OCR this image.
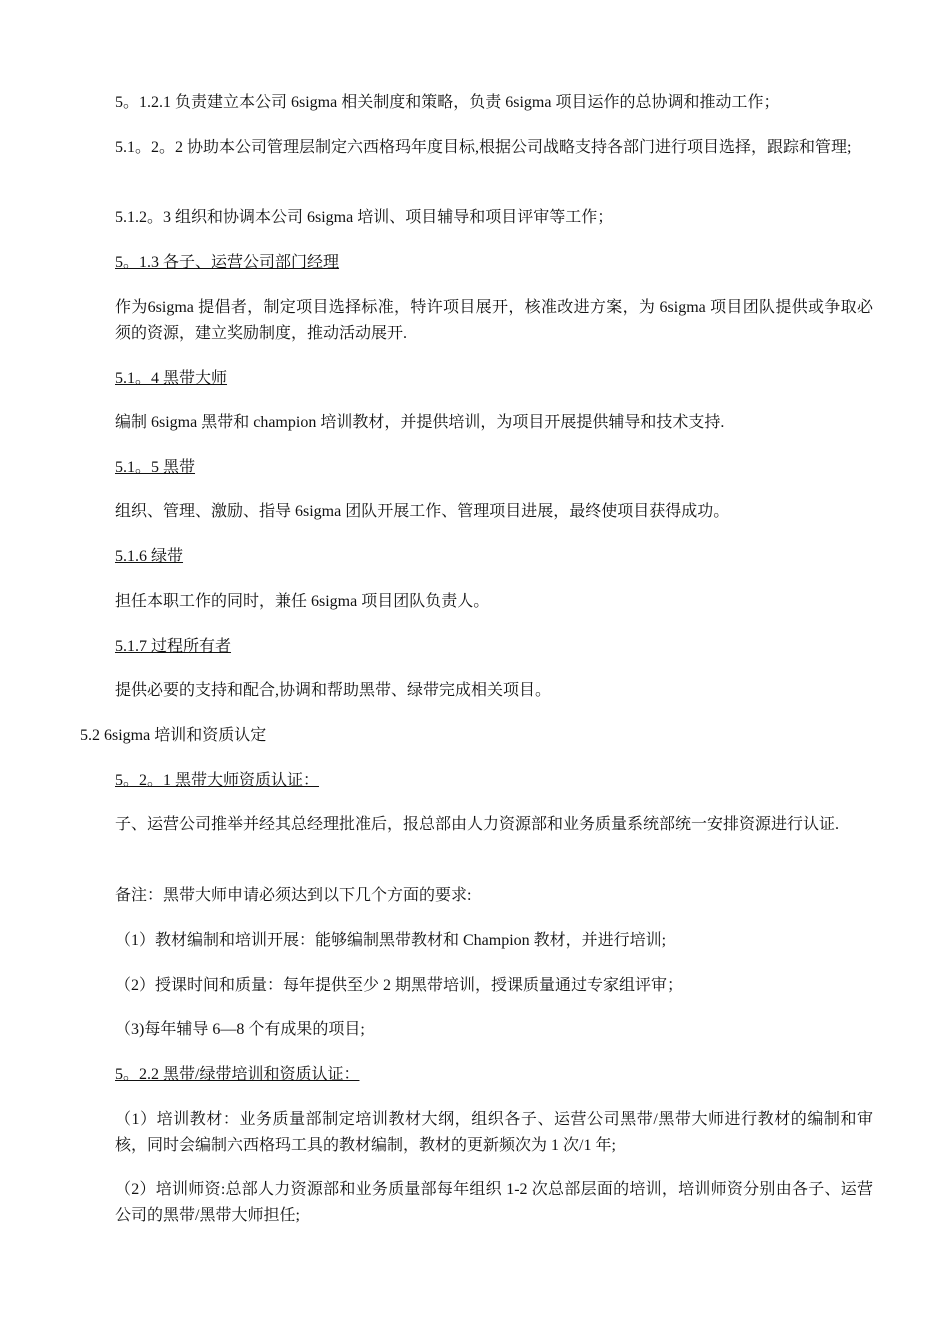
5。1.2.1 负责建立本公司 6sigma 相关制度和策略，负责 6sigma 项目运作的总协调和推动工作；

5.1。2。2 协助本公司管理层制定六西格玛年度目标,根据公司战略支持各部门进行项目选择，跟踪和管理;

5.1.2。3 组织和协调本公司 6sigma 培训、项目辅导和项目评审等工作；

5。1.3 各子、运营公司部门经理

作为6sigma 提倡者，制定项目选择标准，特许项目展开，核准改进方案，为 6sigma 项目团队提供或争取必须的资源，建立奖励制度，推动活动展开.

5.1。4 黑带大师

编制 6sigma 黑带和 champion 培训教材，并提供培训，为项目开展提供辅导和技术支持.

5.1。5 黑带

组织、管理、激励、指导 6sigma 团队开展工作、管理项目进展，最终使项目获得成功。

5.1.6 绿带

担任本职工作的同时，兼任 6sigma 项目团队负责人。

5.1.7 过程所有者

提供必要的支持和配合,协调和帮助黑带、绿带完成相关项目。

5.2 6sigma 培训和资质认定

5。2。1 黑带大师资质认证：

子、运营公司推举并经其总经理批准后，报总部由人力资源部和业务质量系统部统一安排资源进行认证.

备注：黑带大师申请必须达到以下几个方面的要求:

（1）教材编制和培训开展：能够编制黑带教材和 Champion 教材，并进行培训;

（2）授课时间和质量：每年提供至少 2 期黑带培训，授课质量通过专家组评审；

（3)每年辅导 6—8 个有成果的项目;

5。2.2 黑带/绿带培训和资质认证：

（1）培训教材：业务质量部制定培训教材大纲，组织各子、运营公司黑带/黑带大师进行教材的编制和审核，同时会编制六西格玛工具的教材编制，教材的更新频次为 1 次/1 年;

（2）培训师资:总部人力资源部和业务质量部每年组织 1-2 次总部层面的培训，培训师资分别由各子、运营公司的黑带/黑带大师担任;
